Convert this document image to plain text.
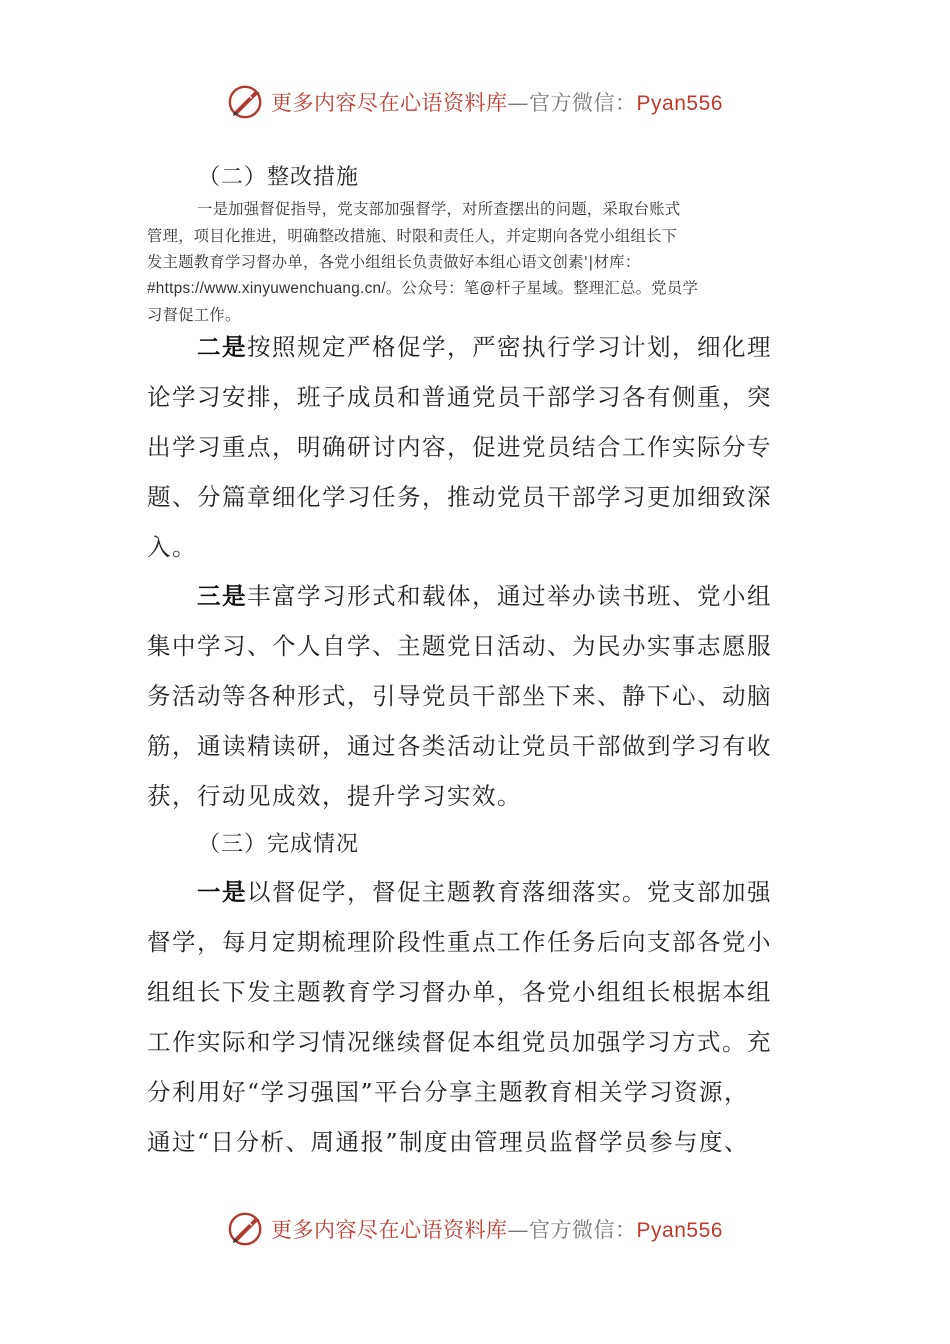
更多内容尽在心语资料库—官方微信：Pyan556
（二）整改措施
一是加强督促指导，党支部加强督学，对所查摆出的问题，采取台账式
管理，项目化推进，明确整改措施、时限和责任人，并定期向各党小组组长下
发主题教育学习督办单，各党小组组长负责做好本组心语文创素'|材库：
#https://www.xinyuwenchuang.cn/。公众号：笔@杆子星域。整理汇总。党员学
习督促工作。
二是按照规定严格促学，严密执行学习计划，细化理
论学习安排，班子成员和普通党员干部学习各有侧重，突
出学习重点，明确研讨内容，促进党员结合工作实际分专
题、分篇章细化学习任务，推动党员干部学习更加细致深
入。
三是丰富学习形式和载体，通过举办读书班、党小组
集中学习、个人自学、主题党日活动、为民办实事志愿服
务活动等各种形式，引导党员干部坐下来、静下心、动脑
筋，通读精读研，通过各类活动让党员干部做到学习有收
获，行动见成效，提升学习实效。
（三）完成情况
一是以督促学，督促主题教育落细落实。党支部加强
督学，每月定期梳理阶段性重点工作任务后向支部各党小
组组长下发主题教育学习督办单，各党小组组长根据本组
工作实际和学习情况继续督促本组党员加强学习方式。充
分利用好“学习强国”平台分享主题教育相关学习资源，
通过“日分析、周通报”制度由管理员监督学员参与度、
更多内容尽在心语资料库—官方微信：Pyan556
